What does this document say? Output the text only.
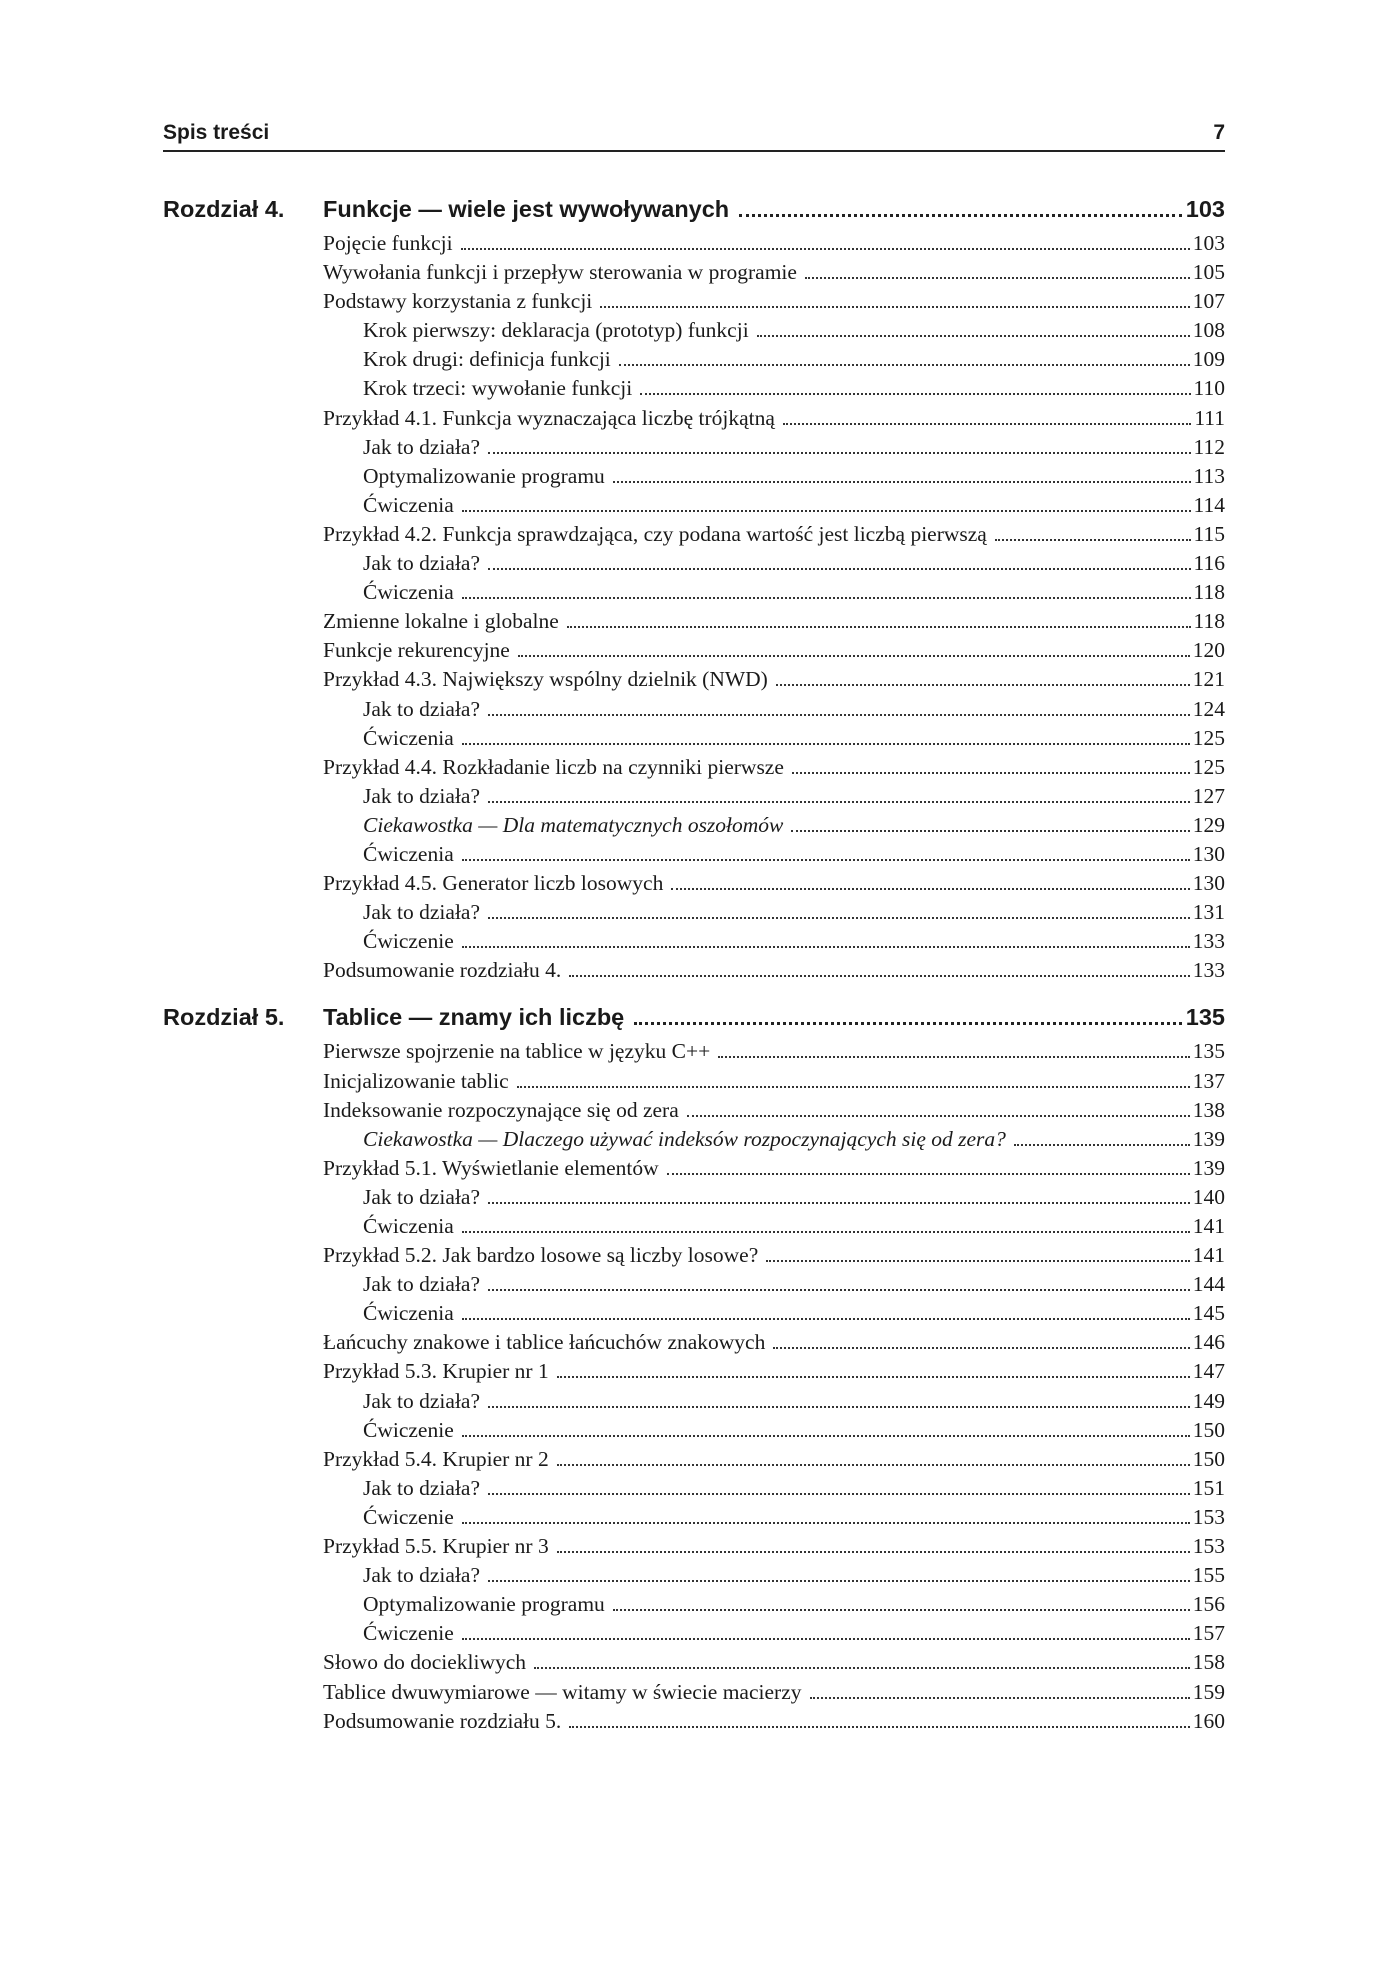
Spis treści	7
Rozdział 4.	Funkcje — wiele jest wywoływanych	103
Pojęcie funkcji	103
Wywołania funkcji i przepływ sterowania w programie	105
Podstawy korzystania z funkcji	107
Krok pierwszy: deklaracja (prototyp) funkcji	108
Krok drugi: definicja funkcji	109
Krok trzeci: wywołanie funkcji	110
Przykład 4.1. Funkcja wyznaczająca liczbę trójkątną	111
Jak to działa?	112
Optymalizowanie programu	113
Ćwiczenia	114
Przykład 4.2. Funkcja sprawdzająca, czy podana wartość jest liczbą pierwszą	115
Jak to działa?	116
Ćwiczenia	118
Zmienne lokalne i globalne	118
Funkcje rekurencyjne	120
Przykład 4.3. Największy wspólny dzielnik (NWD)	121
Jak to działa?	124
Ćwiczenia	125
Przykład 4.4. Rozkładanie liczb na czynniki pierwsze	125
Jak to działa?	127
Ciekawostka — Dla matematycznych oszołomów	129
Ćwiczenia	130
Przykład 4.5. Generator liczb losowych	130
Jak to działa?	131
Ćwiczenie	133
Podsumowanie rozdziału 4.	133
Rozdział 5.	Tablice — znamy ich liczbę	135
Pierwsze spojrzenie na tablice w języku C++	135
Inicjalizowanie tablic	137
Indeksowanie rozpoczynające się od zera	138
Ciekawostka — Dlaczego używać indeksów rozpoczynających się od zera?	139
Przykład 5.1. Wyświetlanie elementów	139
Jak to działa?	140
Ćwiczenia	141
Przykład 5.2. Jak bardzo losowe są liczby losowe?	141
Jak to działa?	144
Ćwiczenia	145
Łańcuchy znakowe i tablice łańcuchów znakowych	146
Przykład 5.3. Krupier nr 1	147
Jak to działa?	149
Ćwiczenie	150
Przykład 5.4. Krupier nr 2	150
Jak to działa?	151
Ćwiczenie	153
Przykład 5.5. Krupier nr 3	153
Jak to działa?	155
Optymalizowanie programu	156
Ćwiczenie	157
Słowo do dociekliwych	158
Tablice dwuwymiarowe — witamy w świecie macierzy	159
Podsumowanie rozdziału 5.	160
